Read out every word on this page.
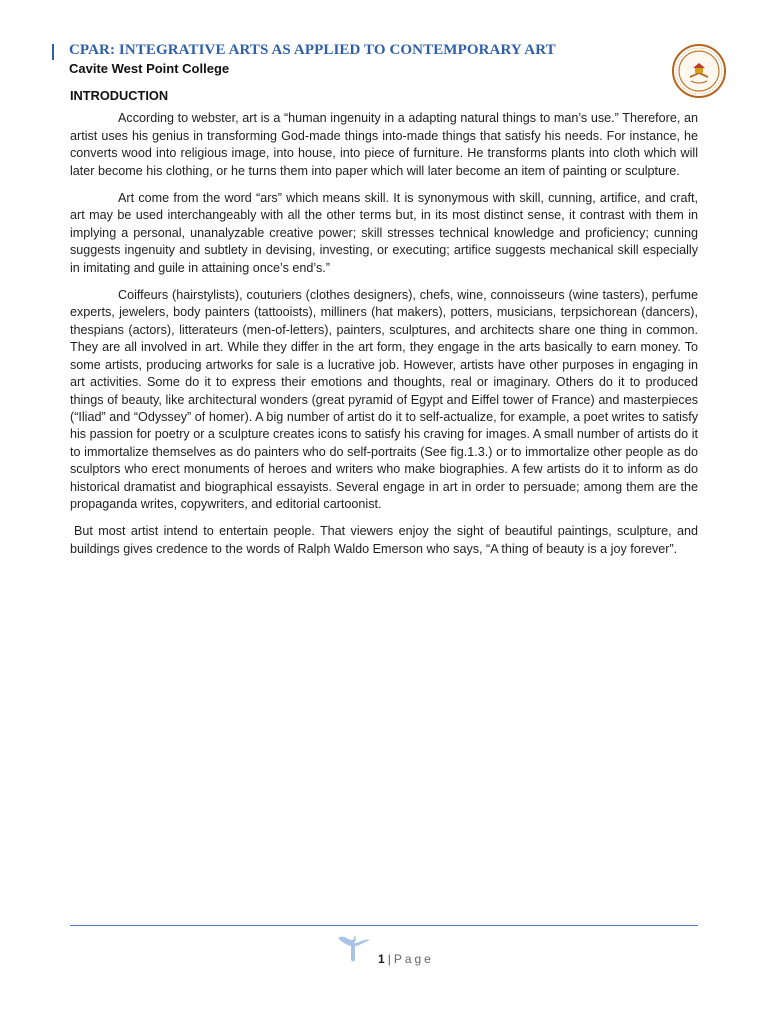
CPAR: INTEGRATIVE ARTS AS APPLIED TO CONTEMPORARY ART
Cavite West Point College
INTRODUCTION

According to webster, art is a “human ingenuity in a adapting natural things to man’s use.” Therefore, an artist uses his genius in transforming God-made things into-made things that satisfy his needs. For instance, he converts wood into religious image, into house, into piece of furniture. He transforms plants into cloth which will later become his clothing, or he turns them into paper which will later become an item of painting or sculpture.

Art come from the word “ars” which means skill. It is synonymous with skill, cunning, artifice, and craft, art may be used interchangeably with all the other terms but, in its most distinct sense, it contrast with them in implying a personal, unanalyzable creative power; skill stresses technical knowledge and proficiency; cunning suggests ingenuity and subtlety in devising, investing, or executing; artifice suggests mechanical skill especially in imitating and guile in attaining once’s end’s.”

Coiffeurs (hairstylists), couturiers (clothes designers), chefs, wine, connoisseurs (wine tasters), perfume experts, jewelers, body painters (tattooists), milliners (hat makers), potters, musicians, terpsichorean (dancers), thespians (actors), litterateurs (men-of-letters), painters, sculptures, and architects share one thing in common. They are all involved in art. While they differ in the art form, they engage in the arts basically to earn money. To some artists, producing artworks for sale is a lucrative job. However, artists have other purposes in engaging in art activities. Some do it to express their emotions and thoughts, real or imaginary. Others do it to produced things of beauty, like architectural wonders (great pyramid of Egypt and Eiffel tower of France) and masterpieces (“Iliad” and “Odyssey” of homer). A big number of artist do it to self-actualize, for example, a poet writes to satisfy his passion for poetry or a sculpture creates icons to satisfy his craving for images. A small number of artists do it to immortalize themselves as do painters who do self-portraits (See fig.1.3.) or to immortalize other people as do sculptors who erect monuments of heroes and writers who make biographies. A few artists do it to inform as do historical dramatist and biographical essayists. Several engage in art in order to persuade; among them are the propaganda writes, copywriters, and editorial cartoonist.

But most artist intend to entertain people. That viewers enjoy the sight of beautiful paintings, sculpture, and buildings gives credence to the words of Ralph Waldo Emerson who says, “A thing of beauty is a joy forever”.

1 | Page
